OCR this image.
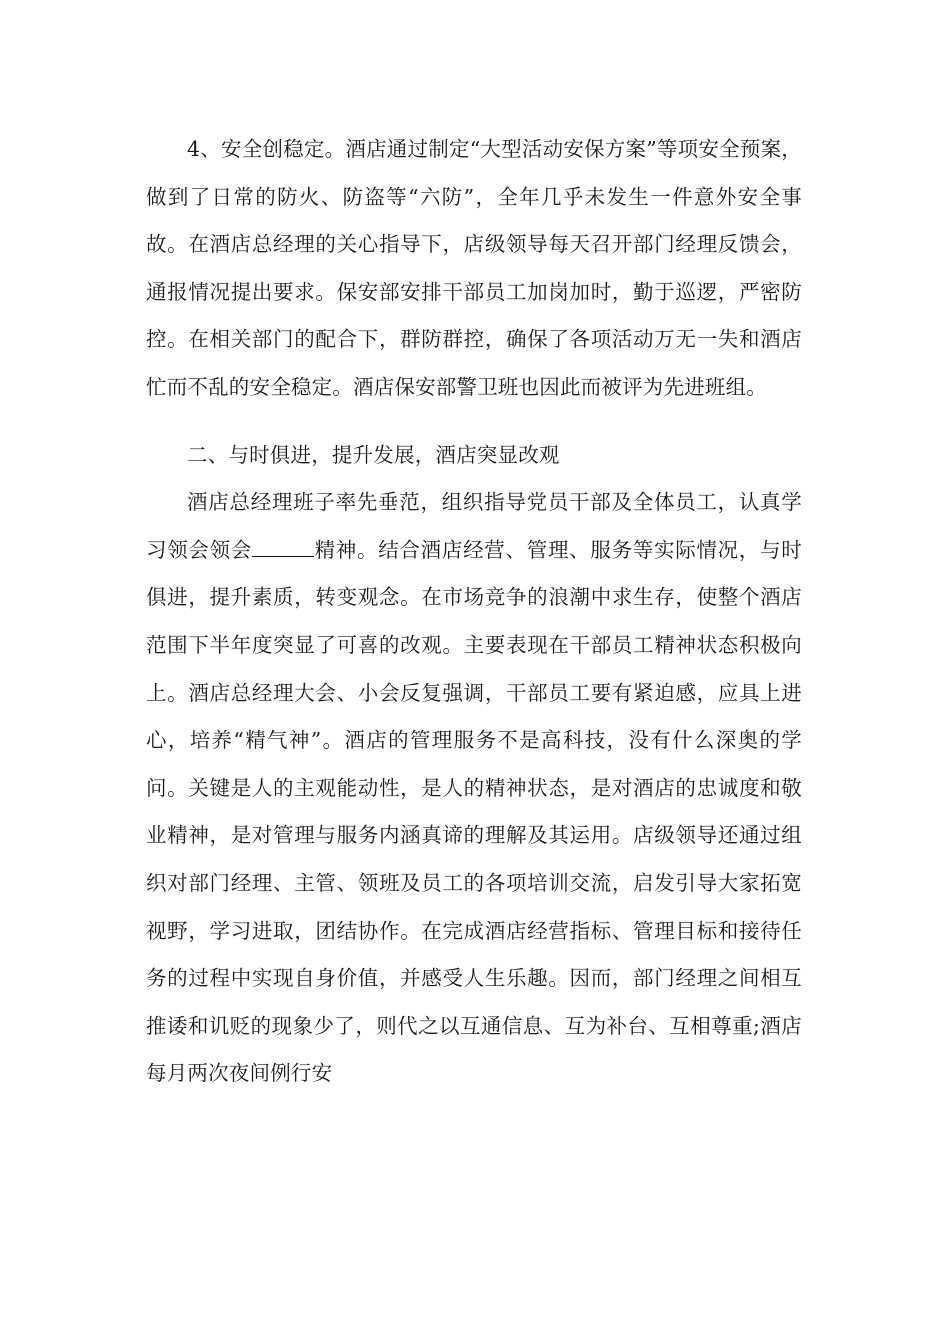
4、安全创稳定。酒店通过制定“大型活动安保方案”等项安全预案，做到了日常的防火、防盗等“六防”，全年几乎未发生一件意外安全事故。在酒店总经理的关心指导下，店级领导每天召开部门经理反馈会，通报情况提出要求。保安部安排干部员工加岗加时，勤于巡逻，严密防控。在相关部门的配合下，群防群控，确保了各项活动万无一失和酒店忙而不乱的安全稳定。酒店保安部警卫班也因此而被评为先进班组。

二、与时俱进，提升发展，酒店突显改观

酒店总经理班子率先垂范，组织指导党员干部及全体员工，认真学习领会领会	精神。结合酒店经营、管理、服务等实际情况，与时俱进，提升素质，转变观念。在市场竞争的浪潮中求生存，使整个酒店范围下半年度突显了可喜的改观。主要表现在干部员工精神状态积极向上。酒店总经理大会、小会反复强调，干部员工要有紧迫感，应具上进心，培养“精气神”。酒店的管理服务不是高科技，没有什么深奥的学问。关键是人的主观能动性，是人的精神状态，是对酒店的忠诚度和敬业精神，是对管理与服务内涵真谛的理解及其运用。店级领导还通过组织对部门经理、主管、领班及员工的各项培训交流，启发引导大家拓宽视野，学习进取，团结协作。在完成酒店经营指标、管理目标和接待任务的过程中实现自身价值，并感受人生乐趣。因而，部门经理之间相互推诿和讥贬的现象少了，则代之以互通信息、互为补台、互相尊重;酒店每月两次夜间例行安
